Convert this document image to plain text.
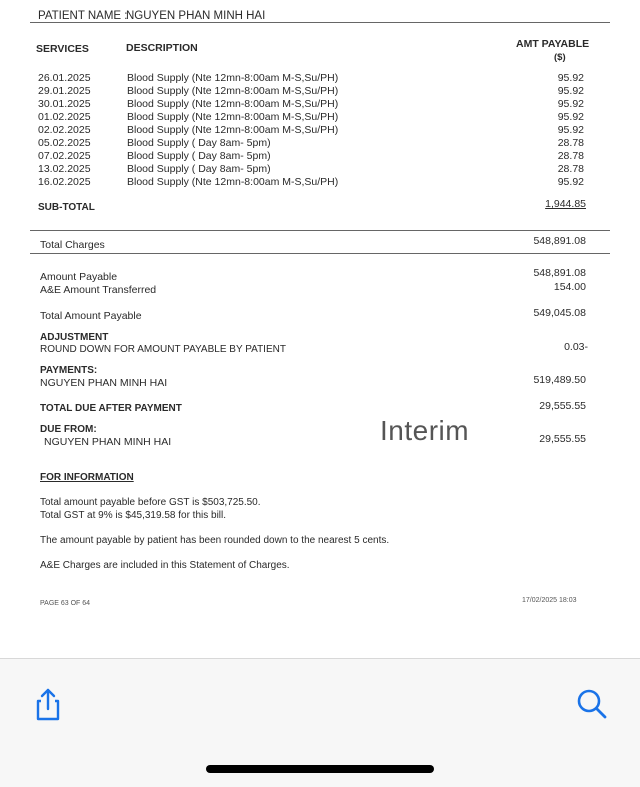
PATIENT NAME :
NGUYEN PHAN MINH HAI
SERVICES	DESCRIPTION	AMT PAYABLE
($)
26.01.2025	Blood Supply (Nte 12mn-8:00am M-S,Su/PH)	95.92
29.01.2025	Blood Supply (Nte 12mn-8:00am M-S,Su/PH)	95.92
30.01.2025	Blood Supply (Nte 12mn-8:00am M-S,Su/PH)	95.92
01.02.2025	Blood Supply (Nte 12mn-8:00am M-S,Su/PH)	95.92
02.02.2025	Blood Supply (Nte 12mn-8:00am M-S,Su/PH)	95.92
05.02.2025	Blood Supply ( Day 8am- 5pm)	28.78
07.02.2025	Blood Supply ( Day 8am- 5pm)	28.78
13.02.2025	Blood Supply ( Day 8am- 5pm)	28.78
16.02.2025	Blood Supply (Nte 12mn-8:00am M-S,Su/PH)	95.92
SUB-TOTAL	1,944.85
Total Charges	548,891.08
Amount Payable	548,891.08
A&E Amount Transferred	154.00
Total Amount Payable	549,045.08
ADJUSTMENT
ROUND DOWN FOR AMOUNT PAYABLE BY PATIENT	0.03-
PAYMENTS:
NGUYEN PHAN MINH HAI	519,489.50
TOTAL DUE AFTER PAYMENT	29,555.55
DUE FROM:
NGUYEN PHAN MINH HAI	29,555.55
Interim
FOR INFORMATION
Total amount payable before GST is $503,725.50.
Total GST at 9% is $45,319.58 for this bill.
The amount payable by patient has been rounded down to the nearest 5 cents.
A&E Charges are included in this Statement of Charges.
PAGE 63 OF 64	17/02/2025 18:03
